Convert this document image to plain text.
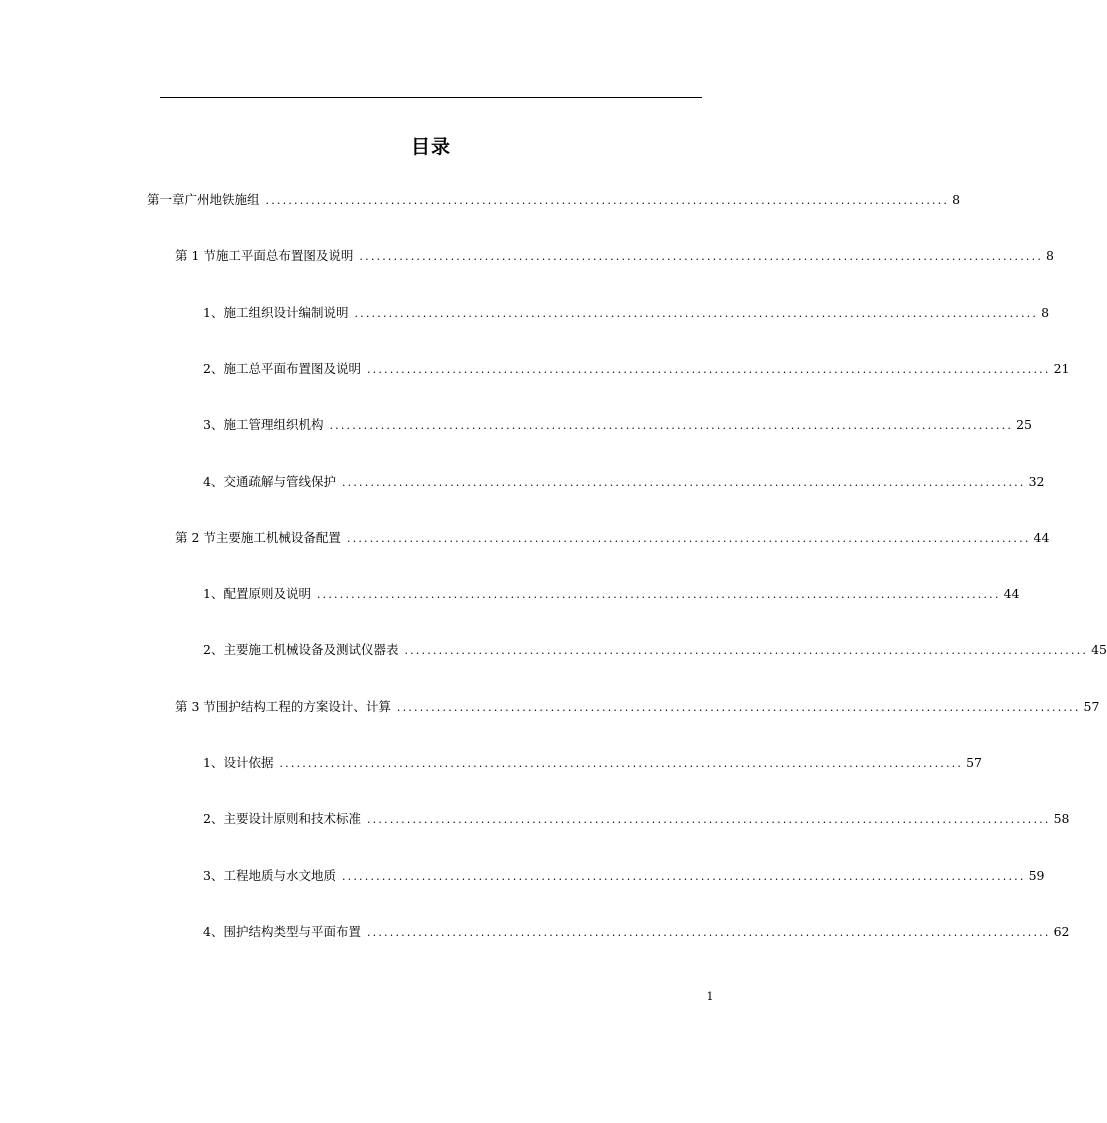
目录
第一章 广州地铁施组 ........................................................................................................................ 8
第 1 节 施工平面总布置图及说明 ........................................................................................................................ 8
1、 施工组织设计编制说明 ........................................................................................................................ 8
2、 施工总平面布置图及说明 ........................................................................................................................ 21
3、 施工管理组织机构 ........................................................................................................................ 25
4、 交通疏解与管线保护 ........................................................................................................................ 32
第 2 节 主要施工机械设备配置 ........................................................................................................................ 44
1、 配置原则及说明 ........................................................................................................................ 44
2、 主要施工机械设备及测试仪器表 ........................................................................................................................ 45
第 3 节 围护结构工程的方案设计、计算 ........................................................................................................................ 57
1、 设计依据 ........................................................................................................................ 57
2、 主要设计原则和技术标准 ........................................................................................................................ 58
3、 工程地质与水文地质 ........................................................................................................................ 59
4、 围护结构类型与平面布置 ........................................................................................................................ 62
1
